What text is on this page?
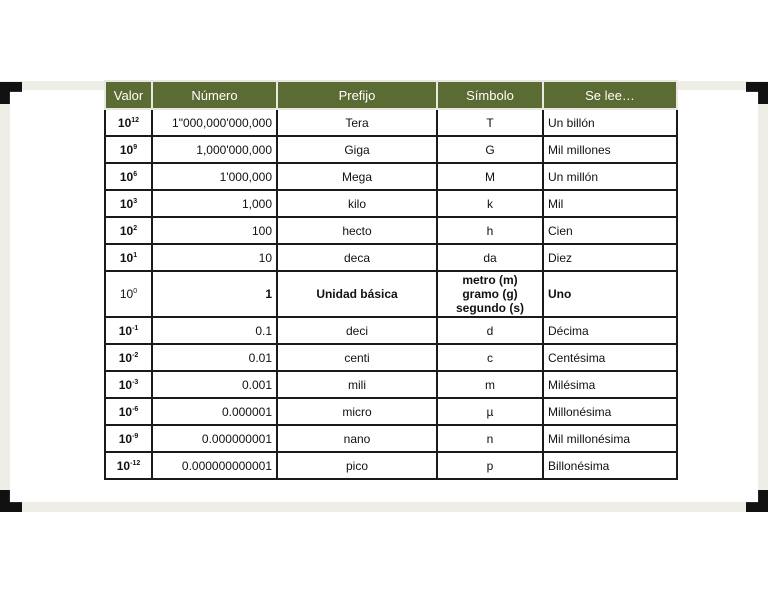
Valor	Número	Prefijo	Símbolo	Se lee…
$10^{12}$	1"000,000'000,000	Tera	T	Un billón
$10^9$	1,000'000,000	Giga	G	Mil millones
$10^6$	1'000,000	Mega	M	Un millón
$10^3$	1,000	kilo	k	Mil
$10^2$	100	hecto	h	Cien
$10^1$	10	deca	da	Diez
$10^0$	1	Unidad básica	metro (m)
gramo (g)
segundo (s)	Uno
$10^{-1}$	0.1	deci	d	Décima
$10^{-2}$	0.01	centi	c	Centésima
$10^{-3}$	0.001	mili	m	Milésima
$10^{-6}$	0.000001	micro	µ	Millonésima
$10^{-9}$	0.000000001	nano	n	Mil millonésima
$10^{-12}$	0.000000000001	pico	p	Billonésima
